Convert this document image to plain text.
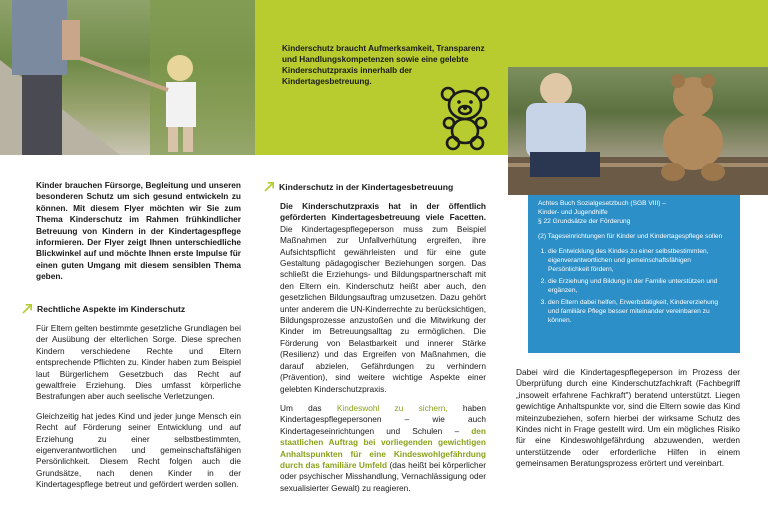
Kinderschutz braucht Aufmerksamkeit, Transparenz und Handlungskompetenzen sowie eine gelebte Kinderschutzpraxis innerhalb der Kindertagesbetreuung.
Kinder brauchen Fürsorge, Begleitung und unseren besonderen Schutz um sich gesund entwickeln zu können. Mit diesem Flyer möchten wir Sie zum Thema Kinderschutz im Rahmen frühkindlicher Betreuung von Kindern in der Kindertagespflege informieren. Der Flyer zeigt Ihnen unterschiedliche Blickwinkel auf und möchte Ihnen erste Impulse für einen guten Umgang mit diesem sensiblen Thema geben.
Rechtliche Aspekte im Kinderschutz

Für Eltern gelten bestimmte gesetzliche Grundlagen bei der Ausübung der elterlichen Sorge. Diese sprechen Kindern verschiedene Rechte und Eltern entsprechende Pflichten zu. Kinder haben zum Beispiel laut Bürgerlichem Gesetzbuch das Recht auf gewaltfreie Erziehung. Dies umfasst körperliche Bestrafungen aber auch seelische Verletzungen.

Gleichzeitig hat jedes Kind und jeder junge Mensch ein Recht auf Förderung seiner Entwicklung und auf Erziehung zu einer selbstbestimmten, eigenverantwortlichen und gemeinschaftsfähigen Persönlichkeit. Diesem Recht folgen auch die Grundsätze, nach denen Kinder in der Kindertagespflege betreut und gefördert werden sollen.

Kinderschutz in der Kindertagesbetreuung

Die Kinderschutzpraxis hat in der öffentlich geförderten Kindertagesbetreuung viele Facetten. Die Kindertagespflegeperson muss zum Beispiel Maßnahmen zur Unfallverhütung ergreifen, ihre Aufsichtspflicht gewährleisten und für eine gute Gestaltung pädagogischer Beziehungen sorgen. Das schließt die Erziehungs- und Bildungspartnerschaft mit den Eltern ein. Kinderschutz heißt aber auch, den gesetzlichen Bildungsauftrag umzusetzen. Dazu gehört unter anderem die UN-Kinderrechte zu berücksichtigen, Bildungsprozesse anzustoßen und die Mitwirkung der Kinder im Betreuungsalltag zu ermöglichen. Die Förderung von Belastbarkeit und innerer Stärke (Resilienz) und das Ergreifen von Maßnahmen, die darauf abzielen, Gefährdungen zu verhindern (Prävention), sind weitere wichtige Aspekte einer gelebten Kinderschutzpraxis.

Um das Kindeswohl zu sichern, haben Kindertagespflegepersonen – wie auch Kindertageseinrichtungen und Schulen – den staatlichen Auftrag bei vorliegenden gewichtigen Anhaltspunkten für eine Kindeswohlgefährdung durch das familiäre Umfeld (das heißt bei körperlicher oder psychischer Misshandlung, Vernachlässigung oder sexualisierter Gewalt) zu reagieren.

Achtes Buch Sozialgesetzbuch (SGB VIII) –
Kinder- und Jugendhilfe
§ 22 Grundsätze der Förderung
(2) Tageseinrichtungen für Kinder und Kindertagespflege sollen
1. die Entwicklung des Kindes zu einer selbstbestimmten, eigenverantwortlichen und gemeinschaftsfähigen Persönlichkeit fördern,
2. die Erziehung und Bildung in der Familie unterstützen und ergänzen,
3. den Eltern dabei helfen, Erwerbstätigkeit, Kindererziehung und familiäre Pflege besser miteinander vereinbaren zu können.
Dabei wird die Kindertagespflegeperson im Prozess der Überprüfung durch eine Kinderschutzfachkraft (Fachbegriff „insoweit erfahrene Fachkraft") beratend unterstützt. Liegen gewichtige Anhaltspunkte vor, sind die Eltern sowie das Kind miteinzubeziehen, sofern hierbei der wirksame Schutz des Kindes nicht in Frage gestellt wird. Um ein mögliches Risiko für eine Kindeswohlgefährdung abzuwenden, werden unterstützende oder erforderliche Hilfen in einem gemeinsamen Beratungsprozess erörtert und vereinbart.
